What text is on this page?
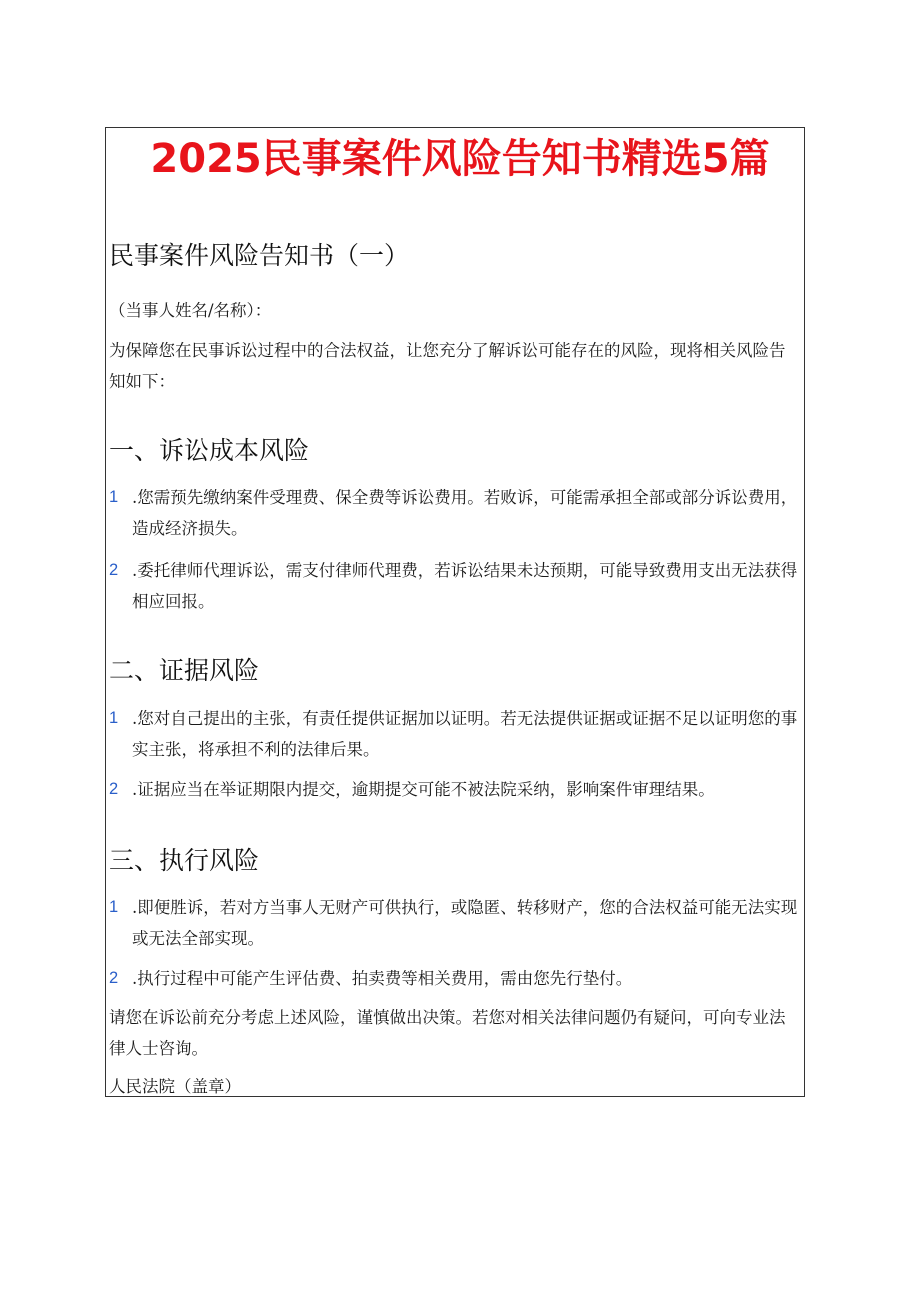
2025民事案件风险告知书精选5篇
民事案件风险告知书（一）

（当事人姓名/名称）：

为保障您在民事诉讼过程中的合法权益，让您充分了解诉讼可能存在的风险，现将相关风险告知如下：

一、诉讼成本风险

1 .您需预先缴纳案件受理费、保全费等诉讼费用。若败诉，可能需承担全部或部分诉讼费用，造成经济损失。

2 .委托律师代理诉讼，需支付律师代理费，若诉讼结果未达预期，可能导致费用支出无法获得相应回报。

二、证据风险

1 .您对自己提出的主张，有责任提供证据加以证明。若无法提供证据或证据不足以证明您的事实主张，将承担不利的法律后果。

2 .证据应当在举证期限内提交，逾期提交可能不被法院采纳，影响案件审理结果。

三、执行风险

1 .即便胜诉，若对方当事人无财产可供执行，或隐匿、转移财产，您的合法权益可能无法实现或无法全部实现。

2 .执行过程中可能产生评估费、拍卖费等相关费用，需由您先行垫付。

请您在诉讼前充分考虑上述风险，谨慎做出决策。若您对相关法律问题仍有疑问，可向专业法律人士咨询。

人民法院（盖章）
